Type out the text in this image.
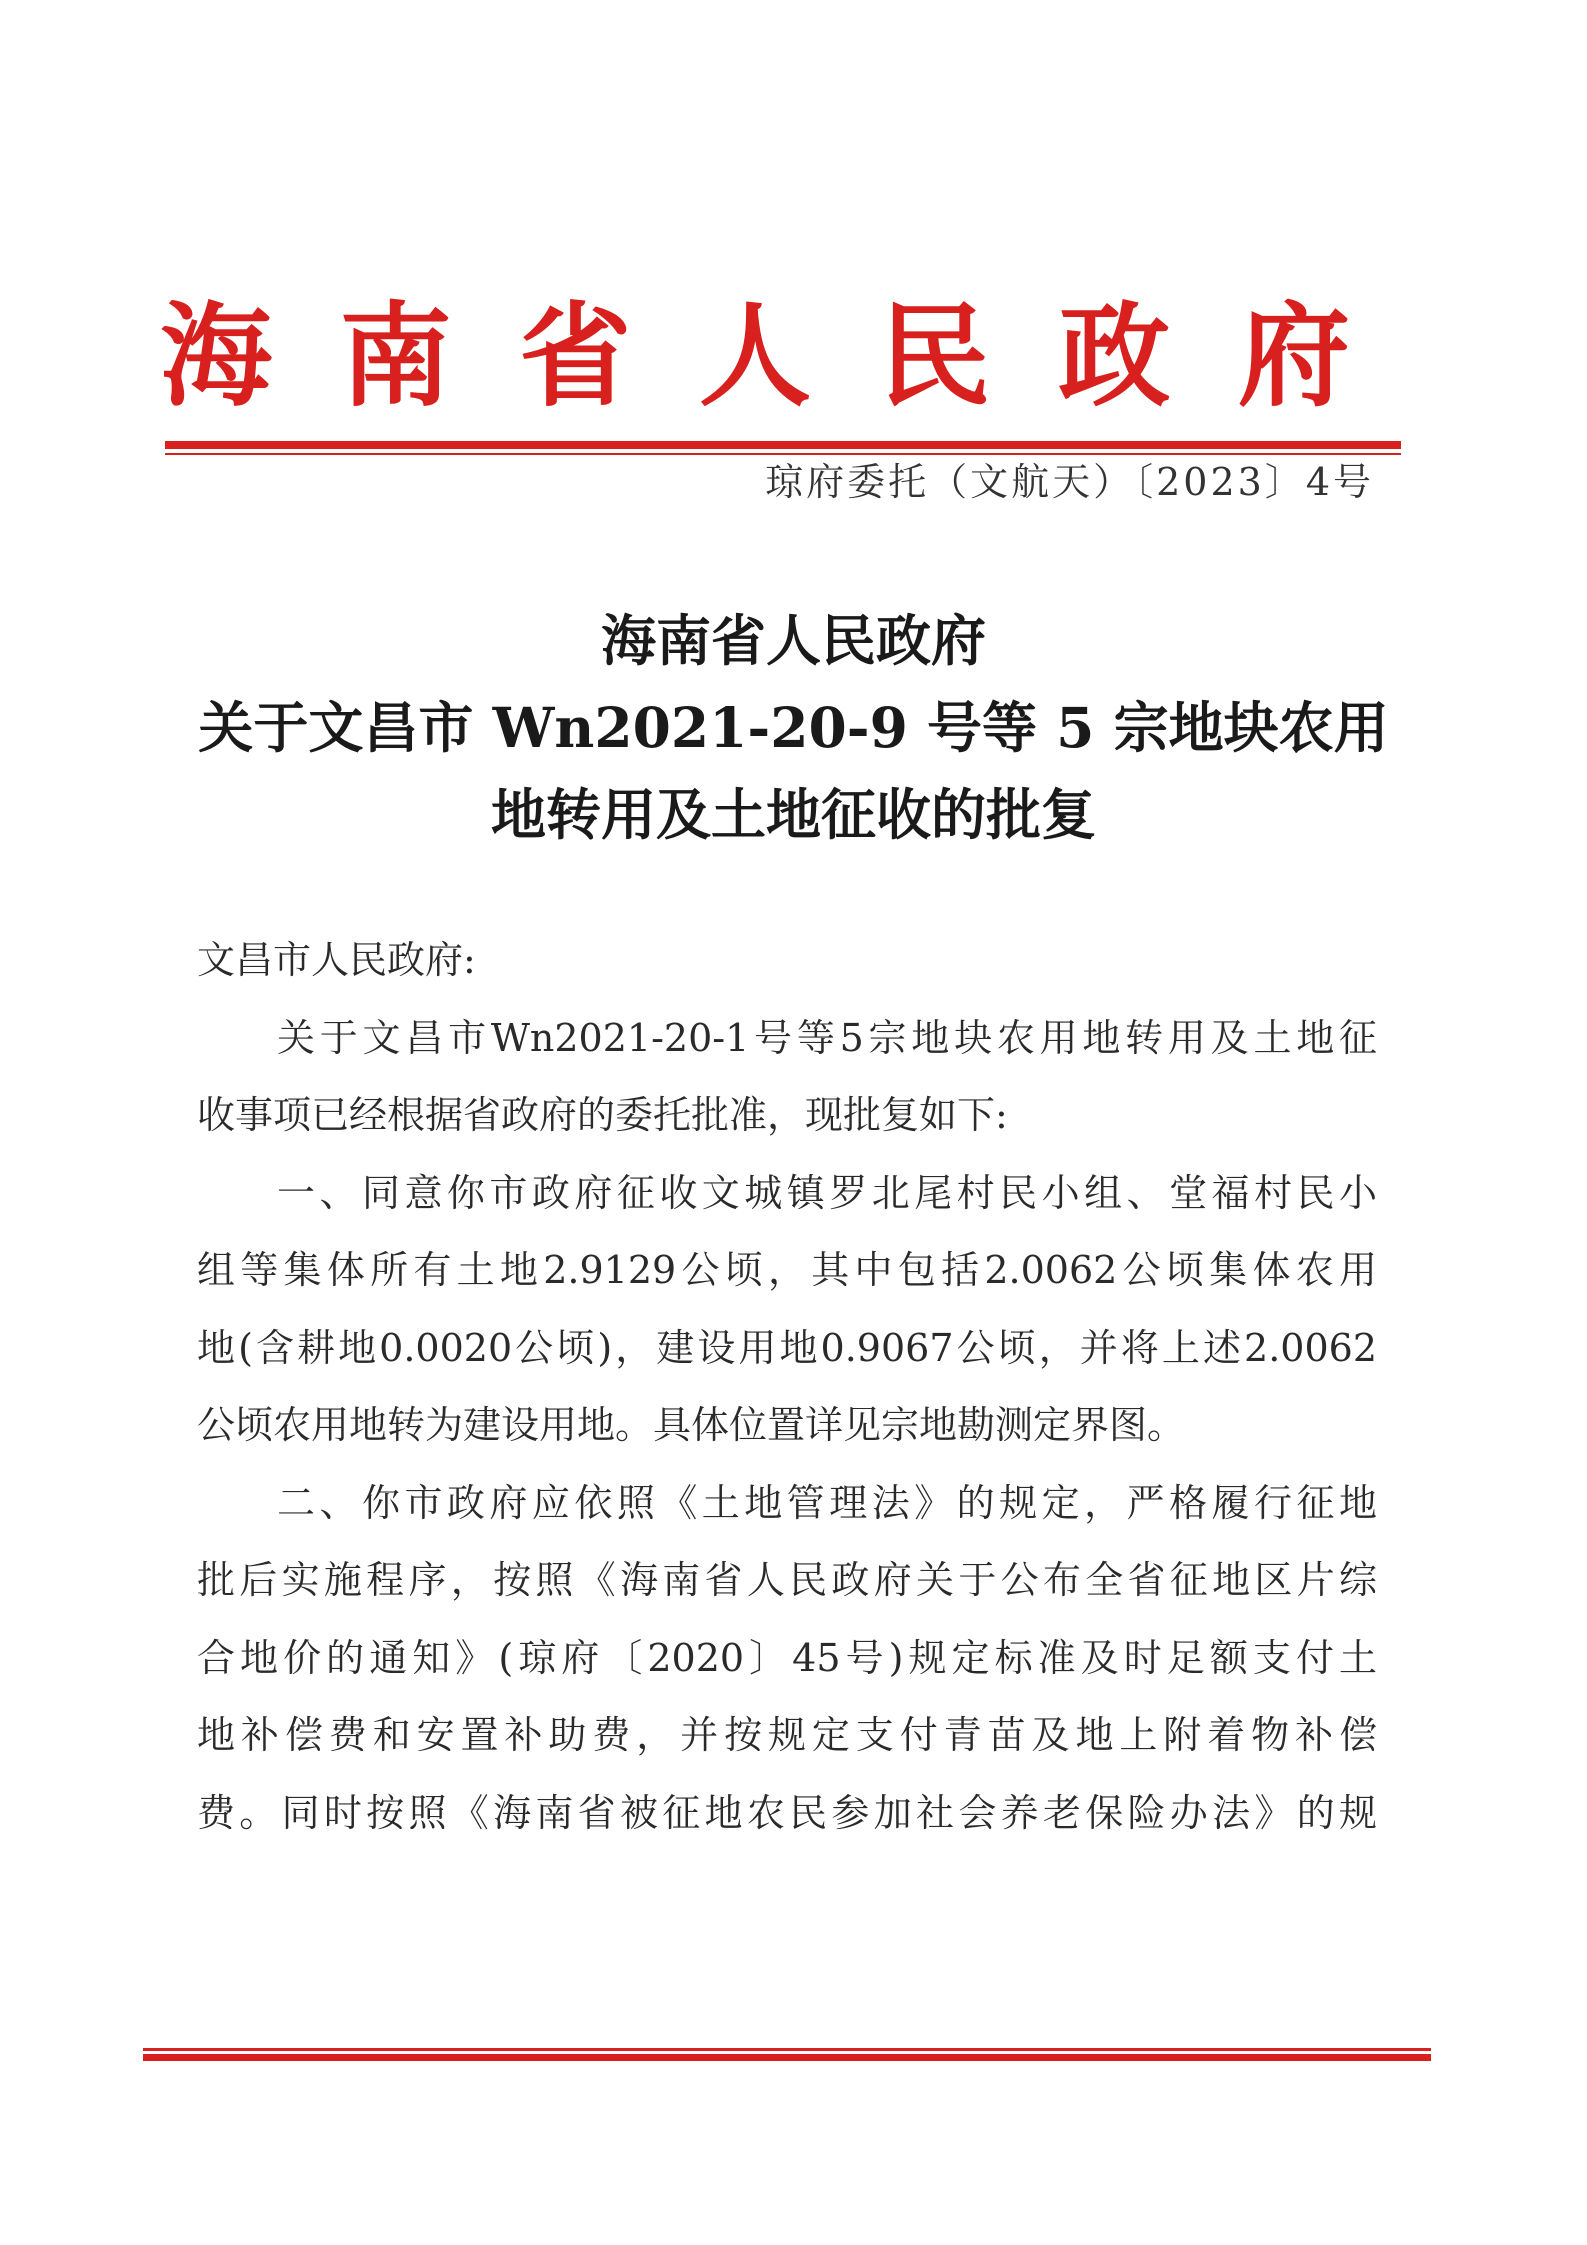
海 南 省 人 民 政 府
琼府委托（文航天）〔2023〕4号
海南省人民政府
关于文昌市 Wn2021-20-9 号等 5 宗地块农用
地转用及土地征收的批复
文昌市人民政府:
关于文昌市Wn2021-20-1号等5宗地块农用地转用及土地征
收事项已经根据省政府的委托批准，现批复如下:
一、同意你市政府征收文城镇罗北尾村民小组、堂福村民小
组等集体所有土地2.9129公顷，其中包括2.0062公顷集体农用
地(含耕地0.0020公顷)，建设用地0.9067公顷，并将上述2.0062
公顷农用地转为建设用地。具体位置详见宗地勘测定界图。
二、你市政府应依照《土地管理法》的规定，严格履行征地
批后实施程序，按照《海南省人民政府关于公布全省征地区片综
合地价的通知》(琼府〔2020〕45号)规定标准及时足额支付土
地补偿费和安置补助费，并按规定支付青苗及地上附着物补偿
费。同时按照《海南省被征地农民参加社会养老保险办法》的规
